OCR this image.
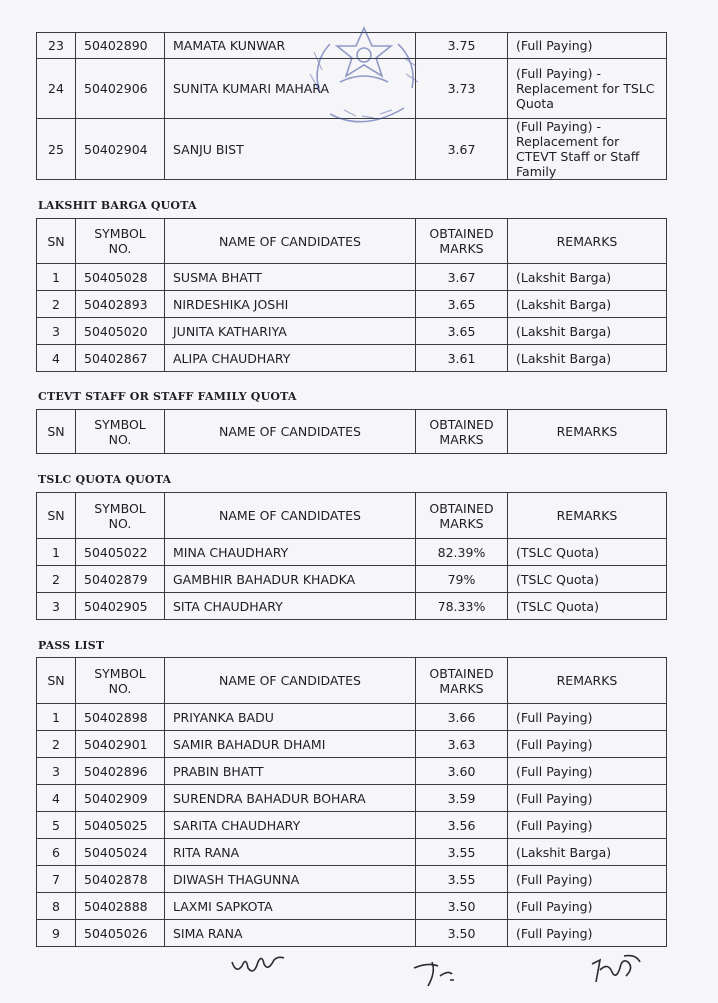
23	50402890	MAMATA KUNWAR	3.75	(Full Paying)
24	50402906	SUNITA KUMARI MAHARA	3.73	(Full Paying) - Replacement for TSLC Quota
25	50402904	SANJU BIST	3.67	(Full Paying) - Replacement for CTEVT Staff or Staff Family
LAKSHIT BARGA QUOTA
SN	SYMBOL NO.	NAME OF CANDIDATES	OBTAINED MARKS	REMARKS
1	50405028	SUSMA BHATT	3.67	(Lakshit Barga)
2	50402893	NIRDESHIKA JOSHI	3.65	(Lakshit Barga)
3	50405020	JUNITA KATHARIYA	3.65	(Lakshit Barga)
4	50402867	ALIPA CHAUDHARY	3.61	(Lakshit Barga)
CTEVT STAFF OR STAFF FAMILY QUOTA
SN	SYMBOL NO.	NAME OF CANDIDATES	OBTAINED MARKS	REMARKS
TSLC QUOTA QUOTA
SN	SYMBOL NO.	NAME OF CANDIDATES	OBTAINED MARKS	REMARKS
1	50405022	MINA CHAUDHARY	82.39%	(TSLC Quota)
2	50402879	GAMBHIR BAHADUR KHADKA	79%	(TSLC Quota)
3	50402905	SITA CHAUDHARY	78.33%	(TSLC Quota)
PASS LIST
SN	SYMBOL NO.	NAME OF CANDIDATES	OBTAINED MARKS	REMARKS
1	50402898	PRIYANKA BADU	3.66	(Full Paying)
2	50402901	SAMIR BAHADUR DHAMI	3.63	(Full Paying)
3	50402896	PRABIN BHATT	3.60	(Full Paying)
4	50402909	SURENDRA BAHADUR BOHARA	3.59	(Full Paying)
5	50405025	SARITA CHAUDHARY	3.56	(Full Paying)
6	50405024	RITA RANA	3.55	(Lakshit Barga)
7	50402878	DIWASH THAGUNNA	3.55	(Full Paying)
8	50402888	LAXMI SAPKOTA	3.50	(Full Paying)
9	50405026	SIMA RANA	3.50	(Full Paying)
